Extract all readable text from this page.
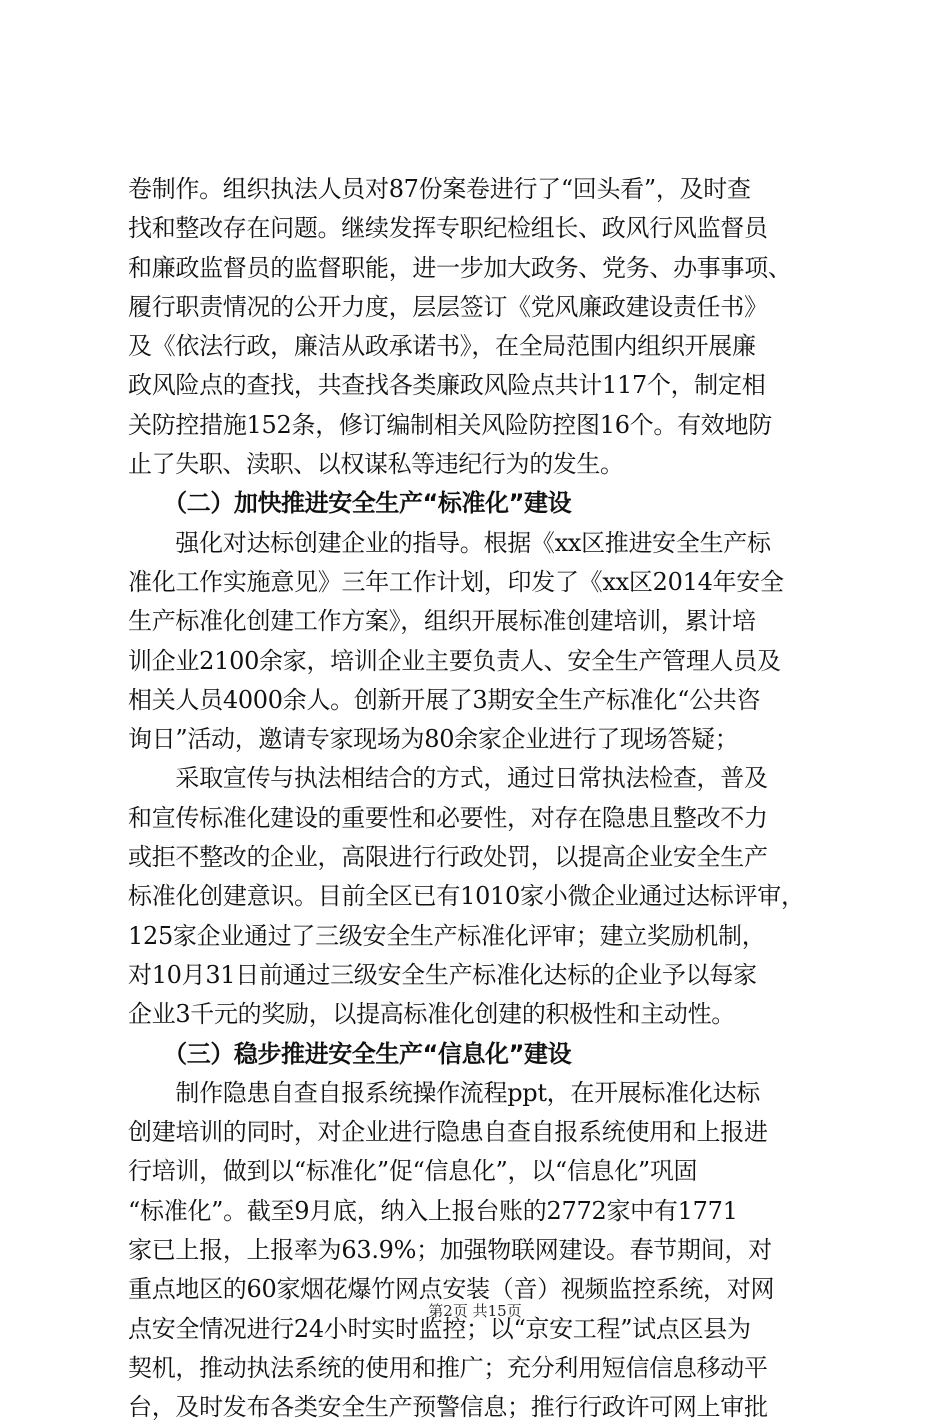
卷制作。组织执法人员对87份案卷进行了“回头看”，及时查
找和整改存在问题。继续发挥专职纪检组长、政风行风监督员
和廉政监督员的监督职能，进一步加大政务、党务、办事事项、
履行职责情况的公开力度，层层签订《党风廉政建设责任书》
及《依法行政，廉洁从政承诺书》，在全局范围内组织开展廉
政风险点的查找，共查找各类廉政风险点共计117个，制定相
关防控措施152条，修订编制相关风险防控图16个。有效地防
止了失职、渎职、以权谋私等违纪行为的发生。
　　（二）加快推进安全生产“标准化”建设
　　强化对达标创建企业的指导。根据《xx区推进安全生产标
准化工作实施意见》三年工作计划，印发了《xx区2014年安全
生产标准化创建工作方案》，组织开展标准创建培训，累计培
训企业2100余家，培训企业主要负责人、安全生产管理人员及
相关人员4000余人。创新开展了3期安全生产标准化“公共咨
询日”活动，邀请专家现场为80余家企业进行了现场答疑；
　　采取宣传与执法相结合的方式，通过日常执法检查，普及
和宣传标准化建设的重要性和必要性，对存在隐患且整改不力
或拒不整改的企业，高限进行行政处罚，以提高企业安全生产
标准化创建意识。目前全区已有1010家小微企业通过达标评审，
125家企业通过了三级安全生产标准化评审；建立奖励机制，
对10月31日前通过三级安全生产标准化达标的企业予以每家
企业3千元的奖励，以提高标准化创建的积极性和主动性。
　　（三）稳步推进安全生产“信息化”建设
　　制作隐患自查自报系统操作流程ppt，在开展标准化达标
创建培训的同时，对企业进行隐患自查自报系统使用和上报进
行培训，做到以“标准化”促“信息化”，以“信息化”巩固
“标准化”。截至9月底，纳入上报台账的2772家中有1771
家已上报，上报率为63.9%；加强物联网建设。春节期间，对
重点地区的60家烟花爆竹网点安装（音）视频监控系统，对网
点安全情况进行24小时实时监控；以“京安工程”试点区县为
契机，推动执法系统的使用和推广；充分利用短信信息移动平
台，及时发布各类安全生产预警信息；推行行政许可网上审批
第2页 共15页
